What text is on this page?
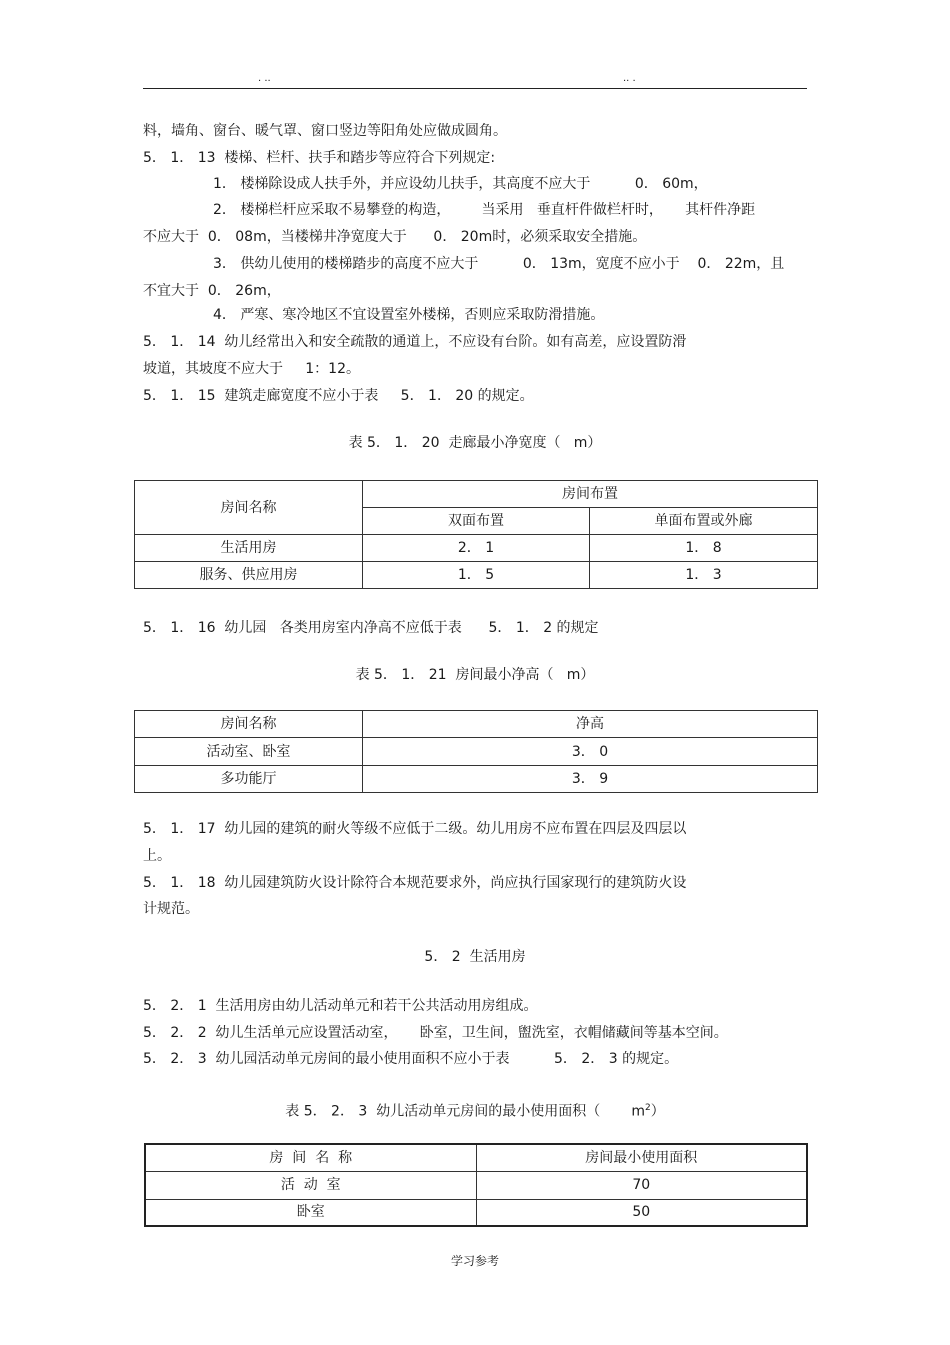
. ..	.. .
料，墙角、窗台、暖气罩、窗口竖边等阳角处应做成圆角。
5． 1． 13  楼梯、栏杆、扶手和踏步等应符合下列规定:
1． 楼梯除设成人扶手外，并应设幼儿扶手，其高度不应大于          0． 60m，
2． 楼梯栏杆应采取不易攀登的构造，       当采用   垂直杆件做栏杆时，     其杆件净距
不应大于  0． 08m，当楼梯井净宽度大于      0． 20m时，必须采取安全措施。
3． 供幼儿使用的楼梯踏步的高度不应大于          0． 13m，宽度不应小于    0． 22m，且
不宜大于  0． 26m，
4． 严寒、寒冷地区不宜设置室外楼梯，否则应采取防滑措施。
5． 1． 14  幼儿经常出入和安全疏散的通道上，不应设有台阶。如有高差，应设置防滑
坡道，其坡度不应大于     1：12。
5． 1． 15  建筑走廊宽度不应小于表     5． 1． 20 的规定。
表 5． 1． 20  走廊最小净宽度（   m）
房间名称	房间布置	
	双面布置	单面布置或外廊
生活用房	2． 1	1． 8
服务、供应用房	1． 5	1． 3
5． 1． 16  幼儿园   各类用房室内净高不应低于表      5． 1． 2 的规定
表 5． 1． 21  房间最小净高（   m）
房间名称	净高
活动室、卧室	3． 0
多功能厅	3． 9
5． 1． 17  幼儿园的建筑的耐火等级不应低于二级。幼儿用房不应布置在四层及四层以
上。
5． 1． 18  幼儿园建筑防火设计除符合本规范要求外，尚应执行国家现行的建筑防火设
计规范。
5． 2  生活用房
5． 2． 1  生活用房由幼儿活动单元和若干公共活动用房组成。
5． 2． 2  幼儿生活单元应设置活动室，     卧室，卫生间，盥洗室，衣帽储藏间等基本空间。
5． 2． 3  幼儿园活动单元房间的最小使用面积不应小于表          5． 2． 3 的规定。
表 5． 2． 3  幼儿活动单元房间的最小使用面积（       $m^2$）
房  间  名  称	房间最小使用面积
活  动  室	70
卧室	50
学习参考
